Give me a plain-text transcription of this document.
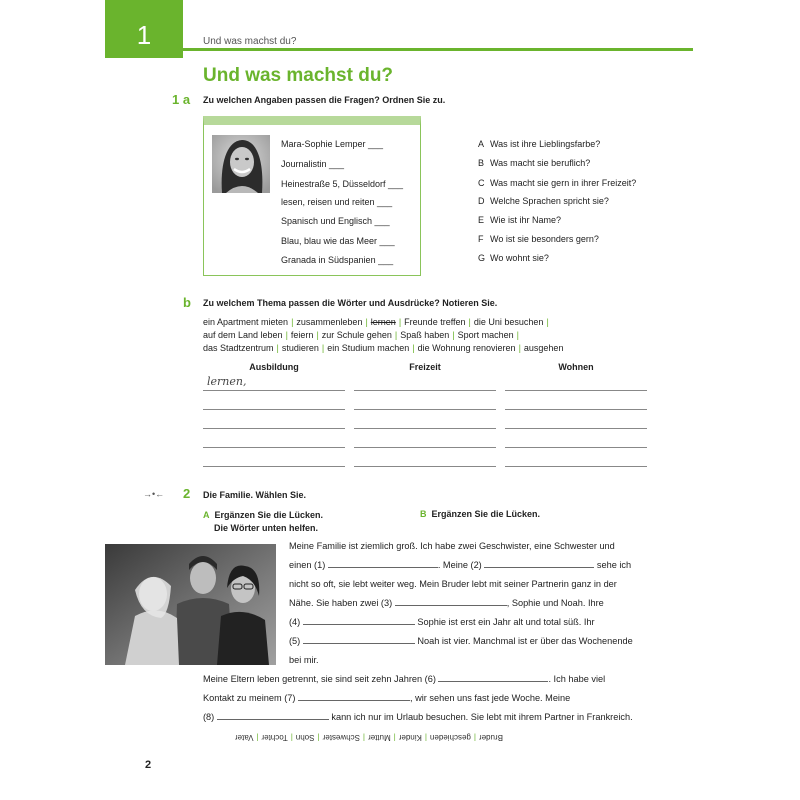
1	Und was machst du?
Und was machst du?
1 a Zu welchen Angaben passen die Fragen? Ordnen Sie zu.
Mara-Sophie Lemper ___
Journalistin ___
Heinestraße 5, Düsseldorf ___
lesen, reisen und reiten ___
Spanisch und Englisch ___
Blau, blau wie das Meer ___
Granada in Südspanien ___
A Was ist ihre Lieblingsfarbe?
B Was macht sie beruflich?
C Was macht sie gern in ihrer Freizeit?
D Welche Sprachen spricht sie?
E Wie ist ihr Name?
F Wo ist sie besonders gern?
G Wo wohnt sie?
b Zu welchem Thema passen die Wörter und Ausdrücke? Notieren Sie.
ein Apartment mieten | zusammenleben | lernen | Freunde treffen | die Uni besuchen |
auf dem Land leben | feiern | zur Schule gehen | Spaß haben | Sport machen |
das Stadtzentrum | studieren | ein Studium machen | die Wohnung renovieren | ausgehen
Ausbildung	Freizeit	Wohnen
lernen,
→•← 2 Die Familie. Wählen Sie.
A Ergänzen Sie die Lücken.
Die Wörter unten helfen.
B Ergänzen Sie die Lücken.
Meine Familie ist ziemlich groß. Ich habe zwei Geschwister, eine Schwester und
einen (1)	. Meine (2)	sehe ich
nicht so oft, sie lebt weiter weg. Mein Bruder lebt mit seiner Partnerin ganz in der
Nähe. Sie haben zwei (3)	, Sophie und Noah. Ihre
(4)	Sophie ist erst ein Jahr alt und total süß. Ihr
(5)	Noah ist vier. Manchmal ist er über das Wochenende
bei mir.
Meine Eltern leben getrennt, sie sind seit zehn Jahren (6)	. Ich habe viel
Kontakt zu meinem (7)	, wir sehen uns fast jede Woche. Meine
(8)	kann ich nur im Urlaub besuchen. Sie lebt mit ihrem Partner in Frankreich.
Bruder|geschieden|Kinder|Mutter|Schwester|Sohn|Tochter|Vater
2
